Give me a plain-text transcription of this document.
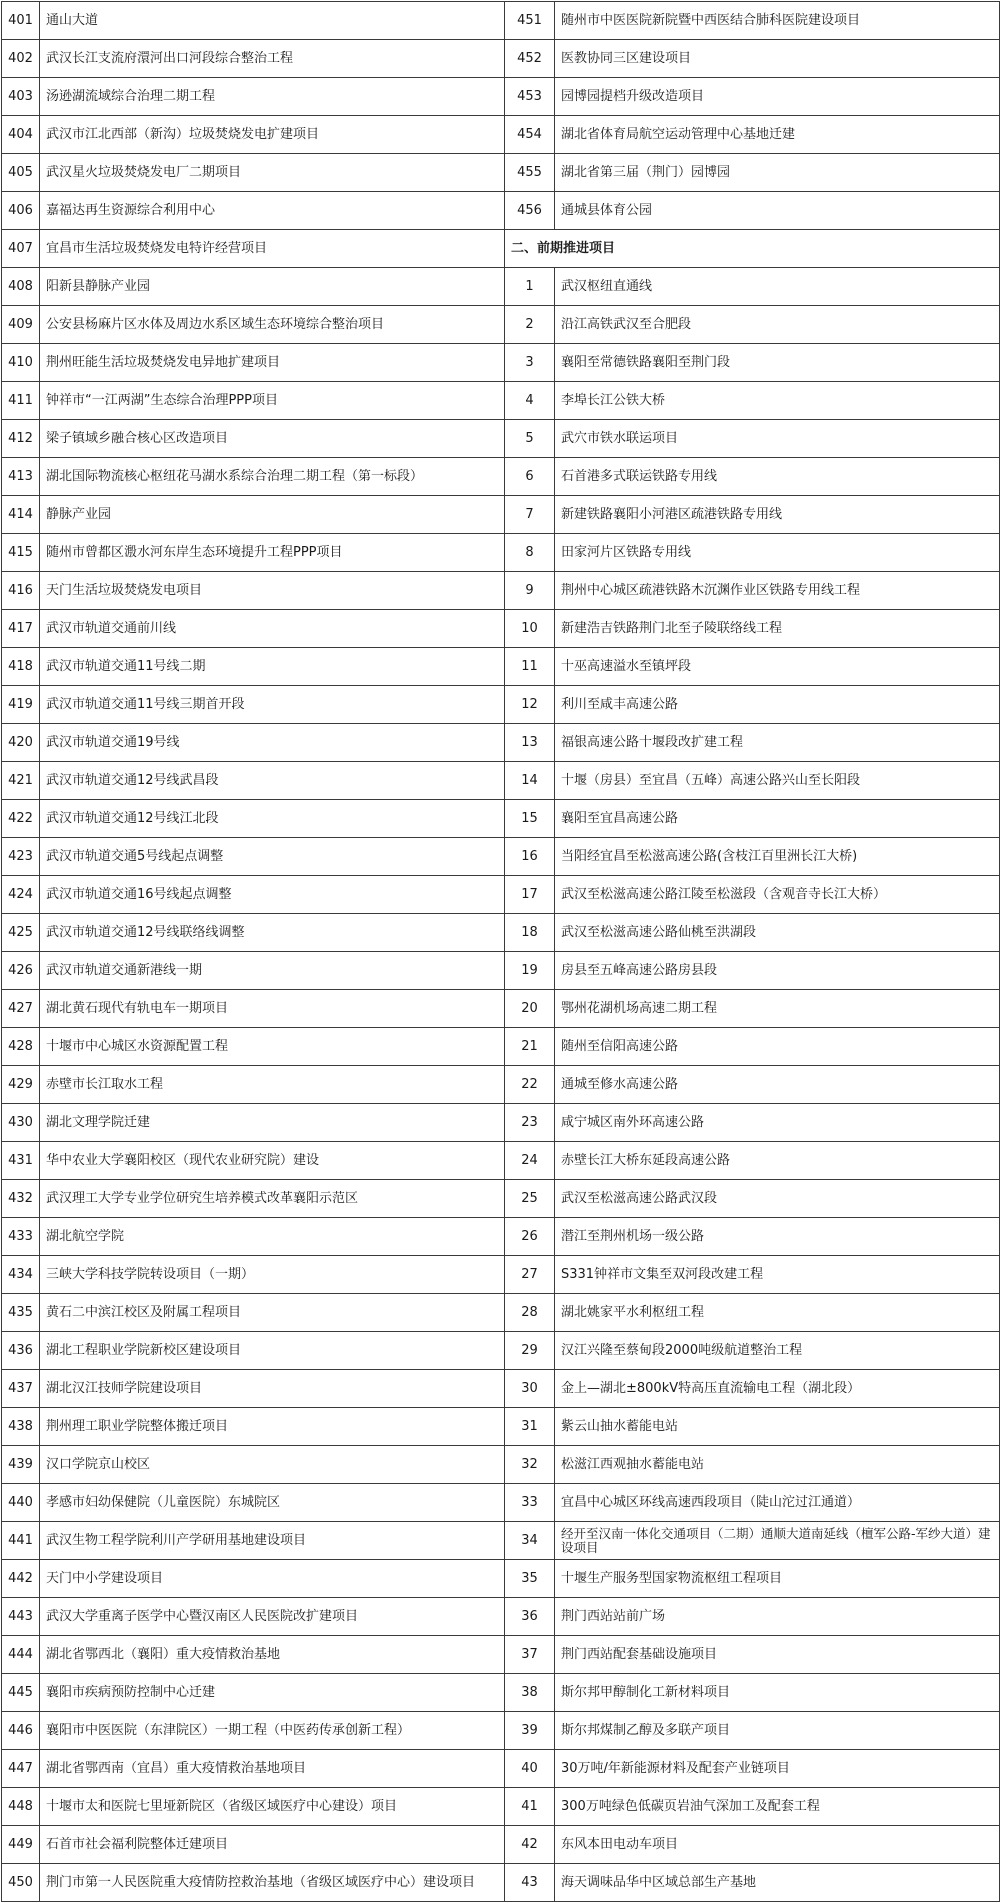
401	通山大道	451	随州市中医医院新院暨中西医结合肺科医院建设项目
402	武汉长江支流府澴河出口河段综合整治工程	452	医教协同三区建设项目
403	汤逊湖流域综合治理二期工程	453	园博园提档升级改造项目
404	武汉市江北西部（新沟）垃圾焚烧发电扩建项目	454	湖北省体育局航空运动管理中心基地迁建
405	武汉星火垃圾焚烧发电厂二期项目	455	湖北省第三届（荆门）园博园
406	嘉福达再生资源综合利用中心	456	通城县体育公园
407	宜昌市生活垃圾焚烧发电特许经营项目	二、前期推进项目	
408	阳新县静脉产业园	1	武汉枢纽直通线
409	公安县杨麻片区水体及周边水系区域生态环境综合整治项目	2	沿江高铁武汉至合肥段
410	荆州旺能生活垃圾焚烧发电异地扩建项目	3	襄阳至常德铁路襄阳至荆门段
411	钟祥市“一江两湖”生态综合治理PPP项目	4	李埠长江公铁大桥
412	梁子镇域乡融合核心区改造项目	5	武穴市铁水联运项目
413	湖北国际物流核心枢纽花马湖水系综合治理二期工程（第一标段）	6	石首港多式联运铁路专用线
414	静脉产业园	7	新建铁路襄阳小河港区疏港铁路专用线
415	随州市曾都区溵水河东岸生态环境提升工程PPP项目	8	田家河片区铁路专用线
416	天门生活垃圾焚烧发电项目	9	荆州中心城区疏港铁路木沉渊作业区铁路专用线工程
417	武汉市轨道交通前川线	10	新建浩吉铁路荆门北至子陵联络线工程
418	武汉市轨道交通11号线二期	11	十巫高速溢水至镇坪段
419	武汉市轨道交通11号线三期首开段	12	利川至咸丰高速公路
420	武汉市轨道交通19号线	13	福银高速公路十堰段改扩建工程
421	武汉市轨道交通12号线武昌段	14	十堰（房县）至宜昌（五峰）高速公路兴山至长阳段
422	武汉市轨道交通12号线江北段	15	襄阳至宜昌高速公路
423	武汉市轨道交通5号线起点调整	16	当阳经宜昌至松滋高速公路(含枝江百里洲长江大桥)
424	武汉市轨道交通16号线起点调整	17	武汉至松滋高速公路江陵至松滋段（含观音寺长江大桥）
425	武汉市轨道交通12号线联络线调整	18	武汉至松滋高速公路仙桃至洪湖段
426	武汉市轨道交通新港线一期	19	房县至五峰高速公路房县段
427	湖北黄石现代有轨电车一期项目	20	鄂州花湖机场高速二期工程
428	十堰市中心城区水资源配置工程	21	随州至信阳高速公路
429	赤壁市长江取水工程	22	通城至修水高速公路
430	湖北文理学院迁建	23	咸宁城区南外环高速公路
431	华中农业大学襄阳校区（现代农业研究院）建设	24	赤壁长江大桥东延段高速公路
432	武汉理工大学专业学位研究生培养模式改革襄阳示范区	25	武汉至松滋高速公路武汉段
433	湖北航空学院	26	潜江至荆州机场一级公路
434	三峡大学科技学院转设项目（一期）	27	S331钟祥市文集至双河段改建工程
435	黄石二中滨江校区及附属工程项目	28	湖北姚家平水利枢纽工程
436	湖北工程职业学院新校区建设项目	29	汉江兴隆至蔡甸段2000吨级航道整治工程
437	湖北汉江技师学院建设项目	30	金上—湖北±800kV特高压直流输电工程（湖北段）
438	荆州理工职业学院整体搬迁项目	31	紫云山抽水蓄能电站
439	汉口学院京山校区	32	松滋江西观抽水蓄能电站
440	孝感市妇幼保健院（儿童医院）东城院区	33	宜昌中心城区环线高速西段项目（陡山沱过江通道）
441	武汉生物工程学院利川产学研用基地建设项目	34	经开至汉南一体化交通项目（二期）通顺大道南延线（檀军公路-军纱大道）建设项目
442	天门中小学建设项目	35	十堰生产服务型国家物流枢纽工程项目
443	武汉大学重离子医学中心暨汉南区人民医院改扩建项目	36	荆门西站站前广场
444	湖北省鄂西北（襄阳）重大疫情救治基地	37	荆门西站配套基础设施项目
445	襄阳市疾病预防控制中心迁建	38	斯尔邦甲醇制化工新材料项目
446	襄阳市中医医院（东津院区）一期工程（中医药传承创新工程）	39	斯尔邦煤制乙醇及多联产项目
447	湖北省鄂西南（宜昌）重大疫情救治基地项目	40	30万吨/年新能源材料及配套产业链项目
448	十堰市太和医院七里垭新院区（省级区域医疗中心建设）项目	41	300万吨绿色低碳页岩油气深加工及配套工程
449	石首市社会福利院整体迁建项目	42	东风本田电动车项目
450	荆门市第一人民医院重大疫情防控救治基地（省级区域医疗中心）建设项目	43	海天调味品华中区域总部生产基地
